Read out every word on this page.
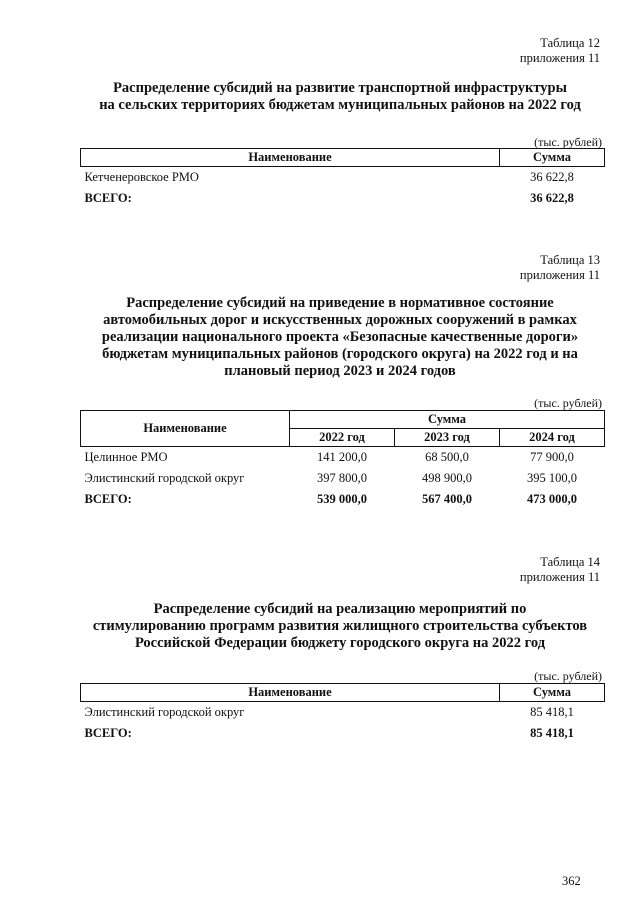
Таблица 12
приложения 11
Распределение субсидий на развитие транспортной инфраструктуры
на сельских территориях бюджетам муниципальных районов на 2022 год
(тыс. рублей)
Наименование	Сумма
Кетченеровское РМО	36 622,8
ВСЕГО:	36 622,8
Таблица 13
приложения 11
Распределение субсидий на приведение в нормативное состояние
автомобильных дорог и искусственных дорожных сооружений в рамках
реализации национального проекта «Безопасные качественные дороги»
бюджетам муниципальных районов (городского округа) на 2022 год и на
плановый период 2023 и 2024 годов
(тыс. рублей)
Наименование	Сумма		
	2022 год	2023 год	2024 год
Целинное РМО	141 200,0	68 500,0	77 900,0
Элистинский городской округ	397 800,0	498 900,0	395 100,0
ВСЕГО:	539 000,0	567 400,0	473 000,0
Таблица 14
приложения 11
Распределение субсидий на реализацию мероприятий по
стимулированию программ развития жилищного строительства субъектов
Российской Федерации бюджету городского округа на 2022 год
(тыс. рублей)
Наименование	Сумма
Элистинский городской округ	85 418,1
ВСЕГО:	85 418,1
362
